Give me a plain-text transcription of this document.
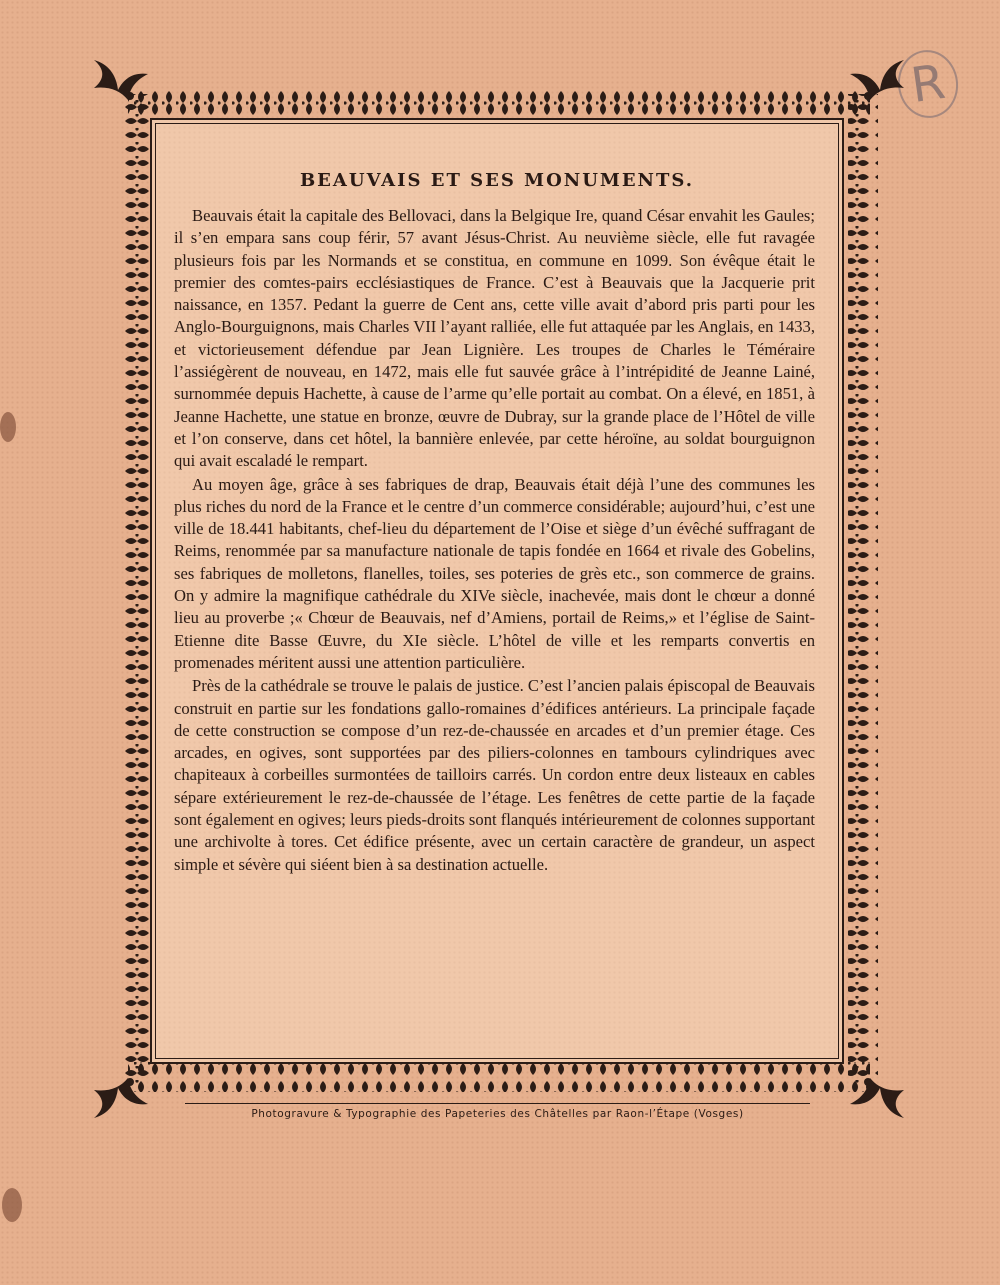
R
BEAUVAIS ET SES MONUMENTS.

Beauvais était la capitale des Bellovaci, dans la Belgique Ire, quand César envahit les Gaules; il s’en empara sans coup férir, 57 avant Jésus-Christ. Au neuvième siècle, elle fut ravagée plusieurs fois par les Normands et se constitua, en commune en 1099. Son évêque était le premier des comtes-pairs ecclésiastiques de France. C’est à Beauvais que la Jacquerie prit naissance, en 1357. Pedant la guerre de Cent ans, cette ville avait d’abord pris parti pour les Anglo-Bourguignons, mais Charles VII l’ayant ralliée, elle fut attaquée par les Anglais, en 1433, et victorieusement défendue par Jean Lignière. Les troupes de Charles le Téméraire l’assiégèrent de nouveau, en 1472, mais elle fut sauvée grâce à l’intrépidité de Jeanne Lainé, surnommée depuis Hachette, à cause de l’arme qu’elle portait au combat. On a élevé, en 1851, à Jeanne Hachette, une statue en bronze, œuvre de Dubray, sur la grande place de l’Hôtel de ville et l’on conserve, dans cet hôtel, la bannière enlevée, par cette héroïne, au soldat bourguignon qui avait escaladé le rempart.

Au moyen âge, grâce à ses fabriques de drap, Beauvais était déjà l’une des communes les plus riches du nord de la France et le centre d’un commerce considérable; aujourd’hui, c’est une ville de 18.441 habitants, chef-lieu du département de l’Oise et siège d’un évêché suffragant de Reims, renommée par sa manufacture nationale de tapis fondée en 1664 et rivale des Gobelins, ses fabriques de molletons, flanelles, toiles, ses poteries de grès etc., son commerce de grains. On y admire la magnifique cathédrale du XIVe siècle, inachevée, mais dont le chœur a donné lieu au proverbe ;« Chœur de Beauvais, nef d’Amiens, portail de Reims,» et l’église de Saint-Etienne dite Basse Œuvre, du XIe siècle. L’hôtel de ville et les remparts convertis en promenades méritent aussi une attention particulière.

Près de la cathédrale se trouve le palais de justice. C’est l’ancien palais épiscopal de Beauvais construit en partie sur les fondations gallo-romaines d’édifices antérieurs. La principale façade de cette construction se compose d’un rez-de-chaussée en arcades et d’un premier étage. Ces arcades, en ogives, sont supportées par des piliers-colonnes en tambours cylindriques avec chapiteaux à corbeilles surmontées de tailloirs carrés. Un cordon entre deux listeaux en cables sépare extérieurement le rez-de-chaussée de l’étage. Les fenêtres de cette partie de la façade sont également en ogives; leurs pieds-droits sont flanqués intérieurement de colonnes supportant une archivolte à tores. Cet édifice présente, avec un certain caractère de grandeur, un aspect simple et sévère qui siéent bien à sa destination actuelle.

Photogravure & Typographie des Papeteries des Châtelles par Raon-l’Étape (Vosges)
